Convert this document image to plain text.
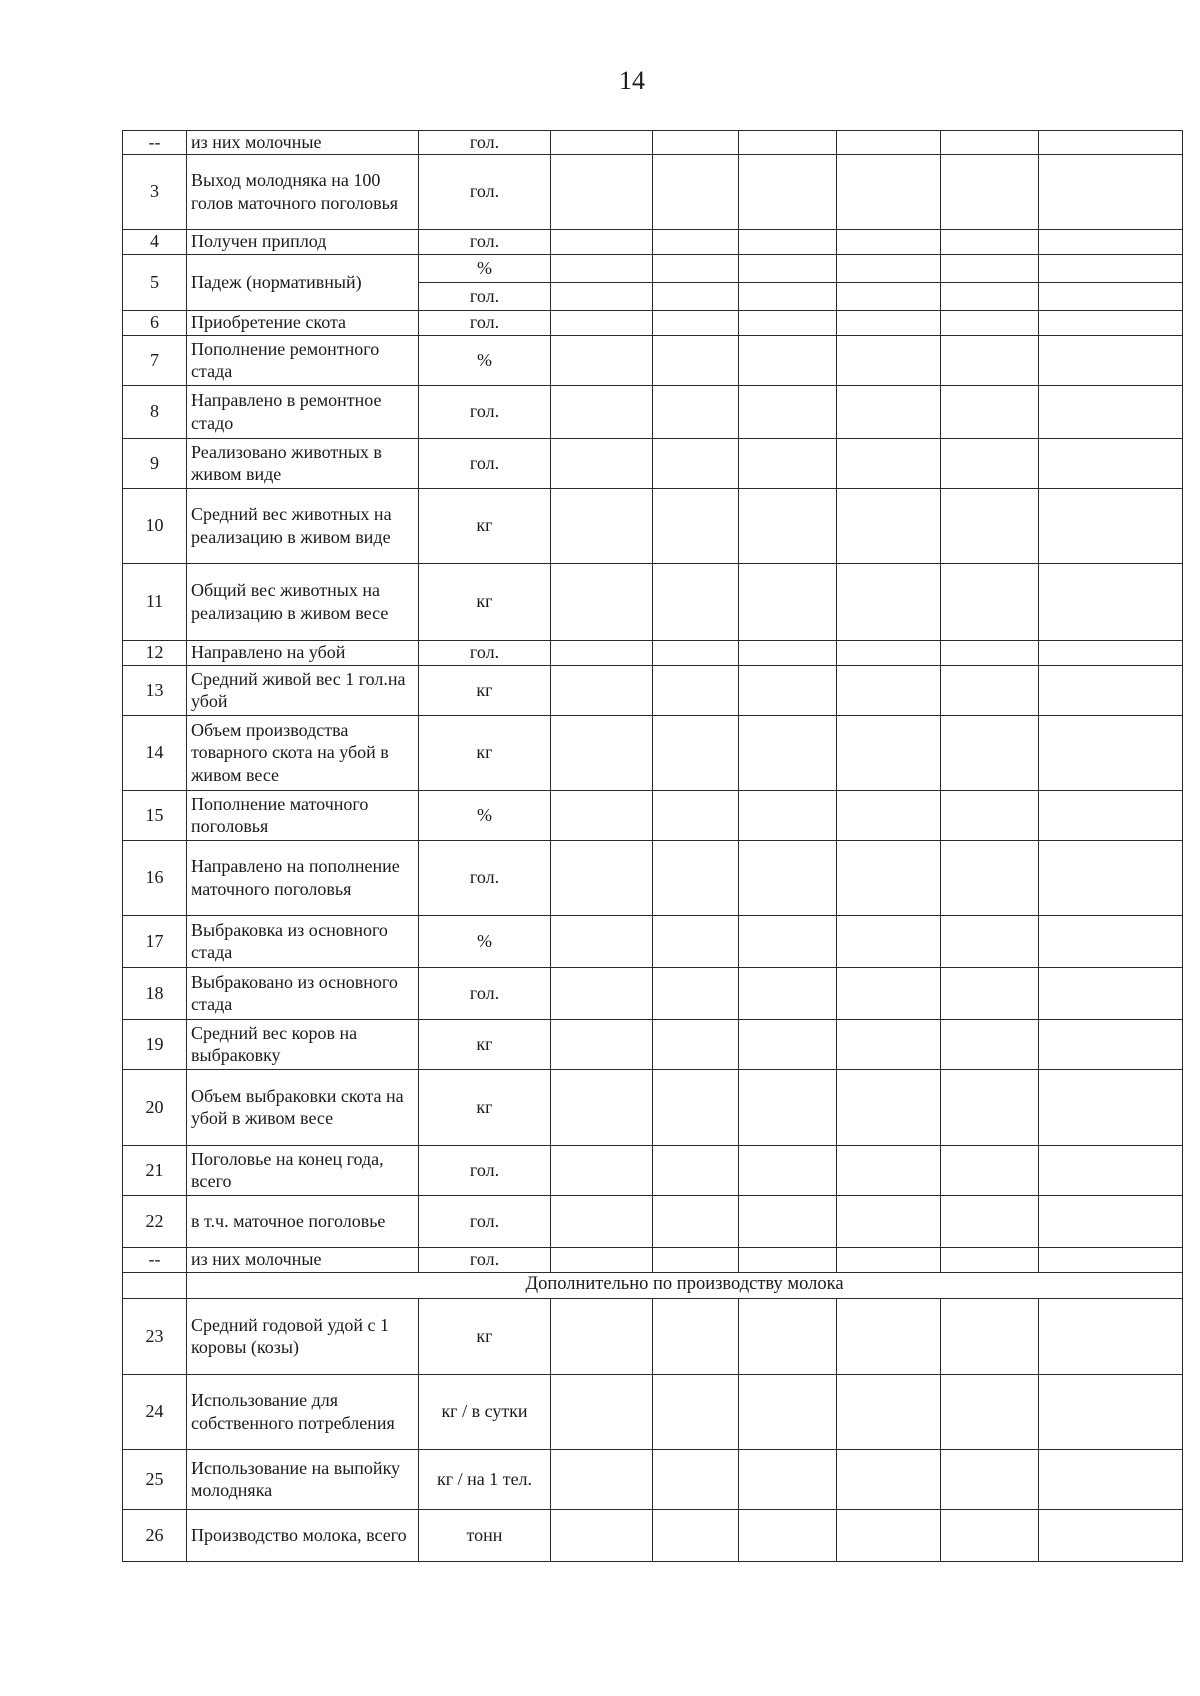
14
--	из них молочные	гол.						
3	Выход молодняка на 100 голов маточного поголовья	гол.						
4	Получен приплод	гол.						
5	Падеж (нормативный)	%						
		гол.						
6	Приобретение скота	гол.						
7	Пополнение ремонтного стада	%						
8	Направлено в ремонтное стадо	гол.						
9	Реализовано животных в живом виде	гол.						
10	Средний вес животных на реализацию в живом виде	кг						
11	Общий вес животных на реализацию в живом весе	кг						
12	Направлено на убой	гол.						
13	Средний живой вес 1 гол.на убой	кг						
14	Объем производства товарного скота на убой в живом весе	кг						
15	Пополнение маточного поголовья	%						
16	Направлено на пополнение маточного поголовья	гол.						
17	Выбраковка из основного стада	%						
18	Выбраковано из основного стада	гол.						
19	Средний вес коров на выбраковку	кг						
20	Объем выбраковки скота на убой в живом весе	кг						
21	Поголовье на конец года, всего	гол.						
22	в т.ч. маточное поголовье	гол.						
--	из них молочные	гол.						
	Дополнительно по производству молока							
23	Средний годовой удой с 1 коровы (козы)	кг						
24	Использование для собственного потребления	кг / в сутки						
25	Использование на выпойку молодняка	кг / на 1 тел.						
26	Производство молока, всего	тонн						
